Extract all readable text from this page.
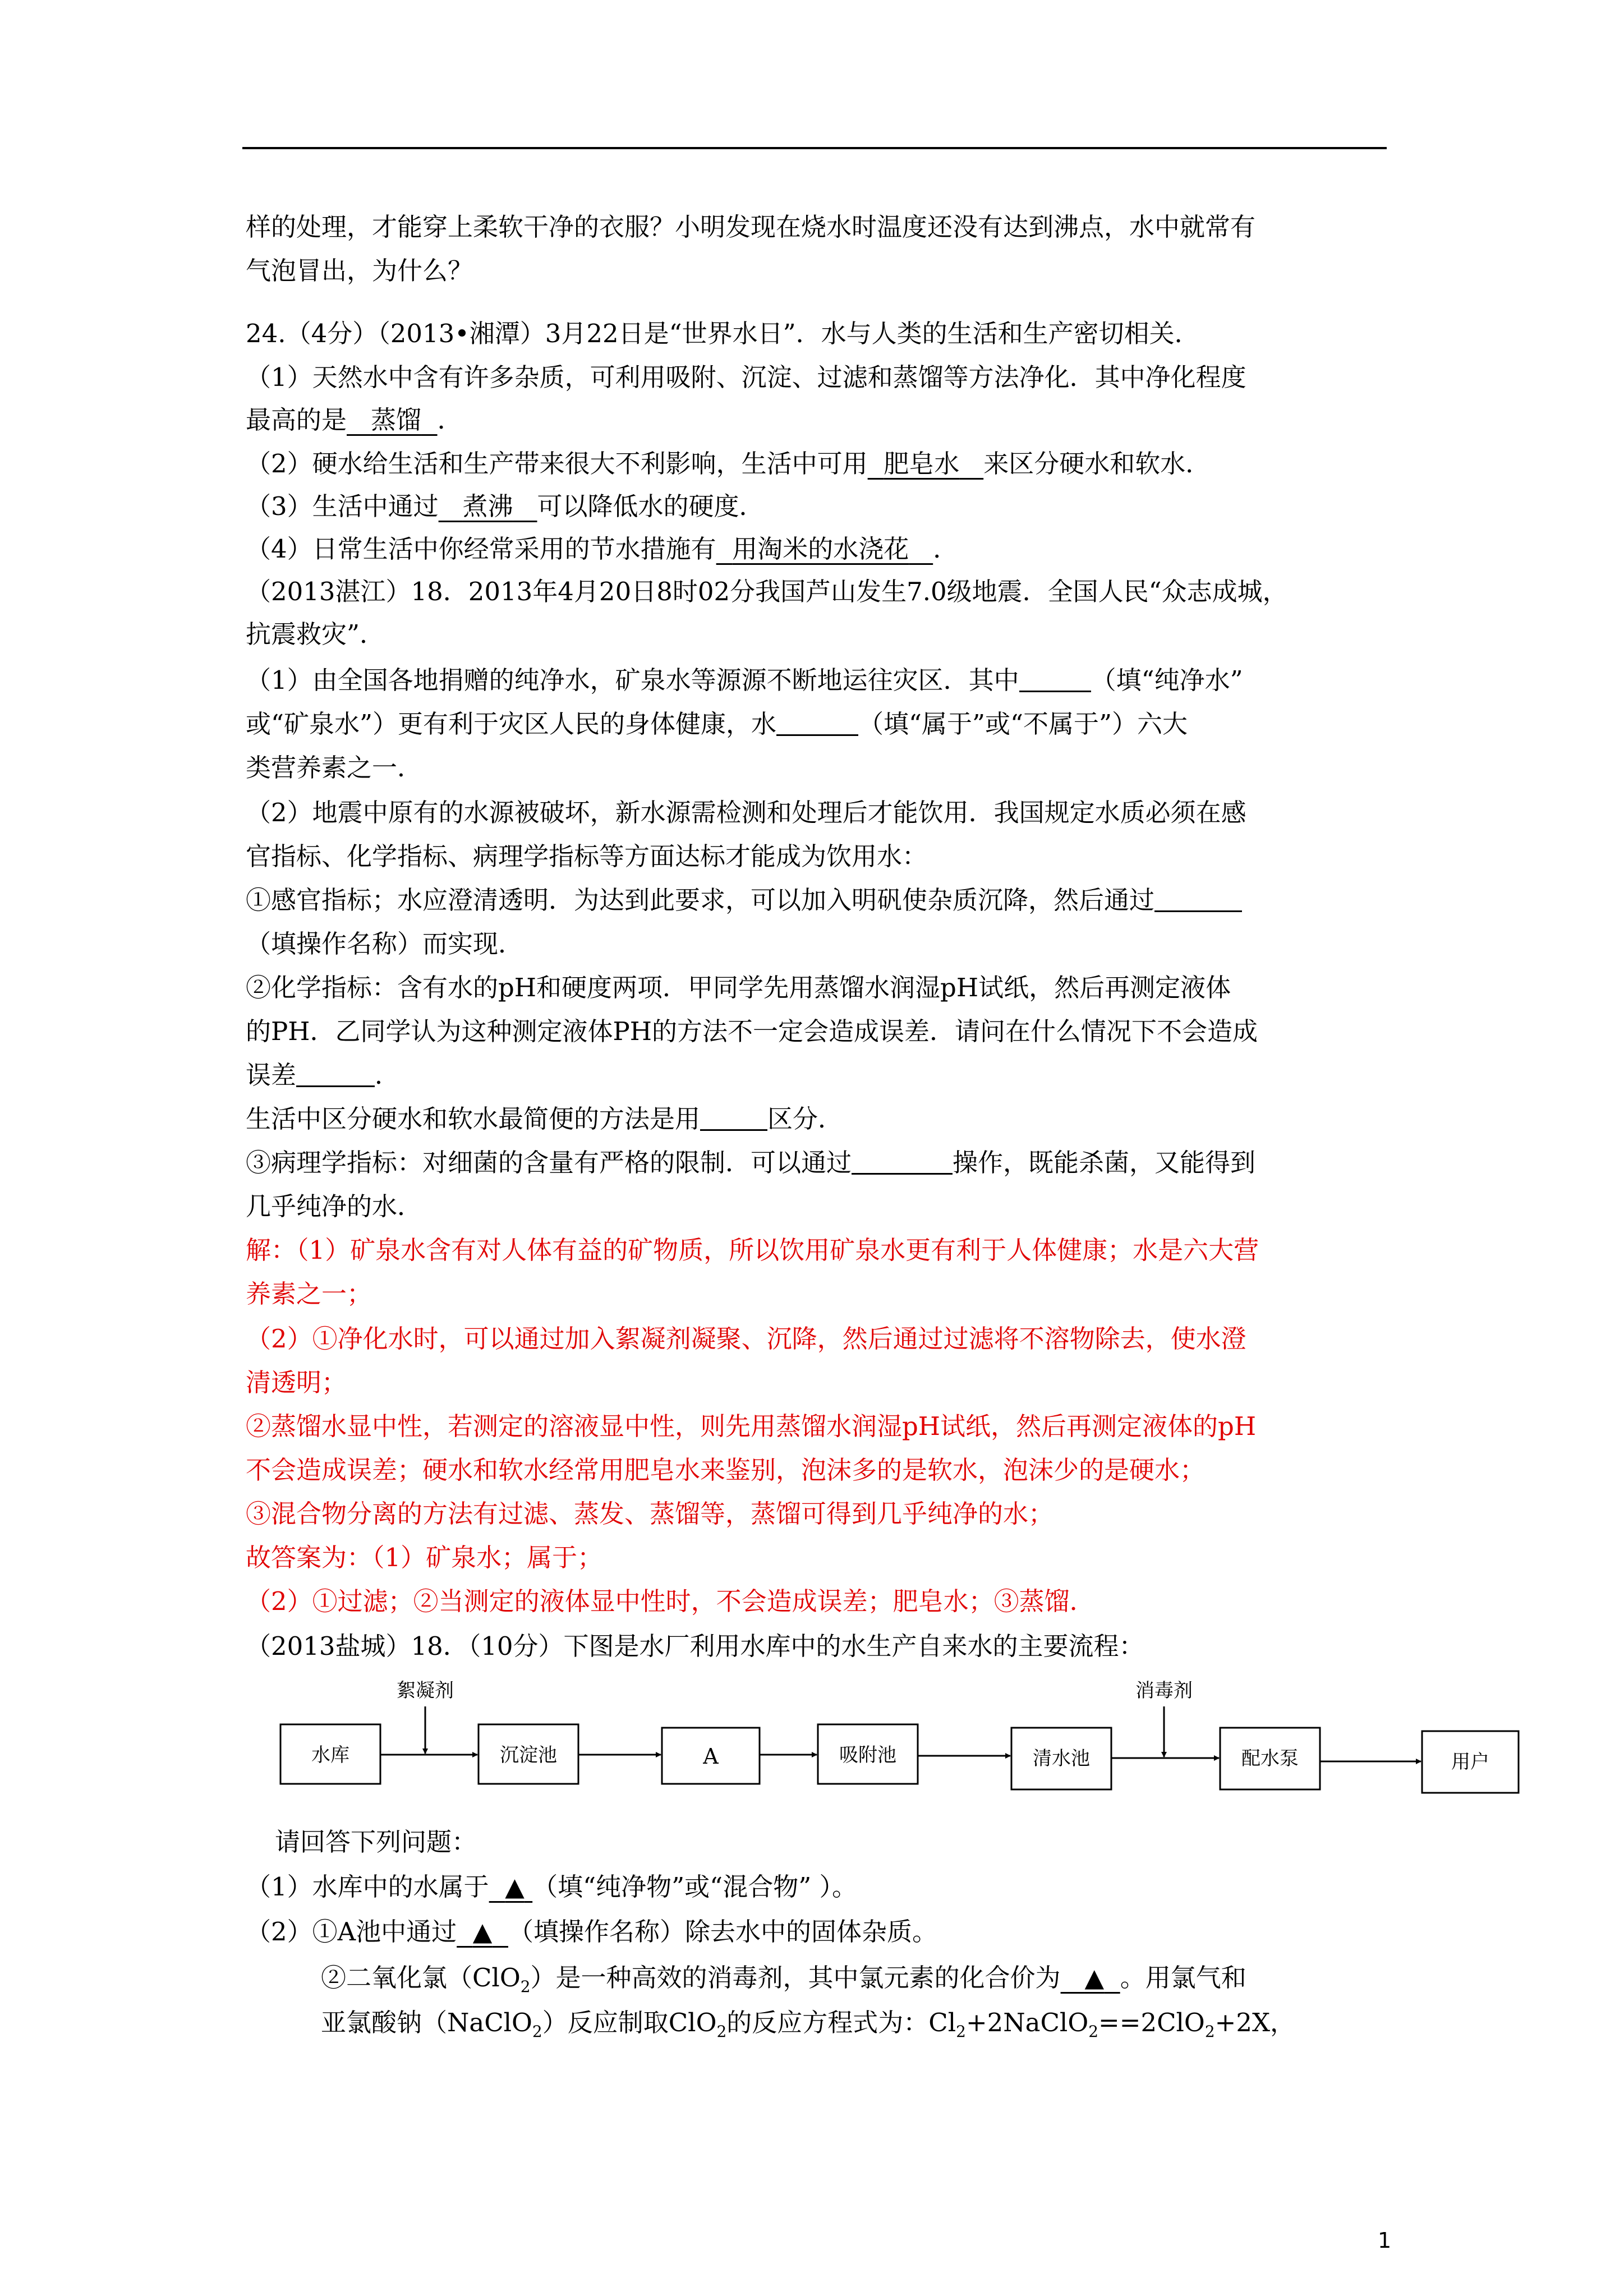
样的处理，才能穿上柔软干净的衣服？小明发现在烧水时温度还没有达到沸点，水中就常有
气泡冒出，为什么？
24.（4分）（2013•湘潭）3月22日是“世界水日”．水与人类的生活和生产密切相关．
（1）天然水中含有许多杂质，可利用吸附、沉淀、过滤和蒸馏等方法净化．其中净化程度
最高的是 蒸馏 ．
（2）硬水给生活和生产带来很大不利影响，生活中可用 肥皂水 来区分硬水和软水．
（3）生活中通过 煮沸 可以降低水的硬度．
（4）日常生活中你经常采用的节水措施有 用淘米的水浇花 ．
（2013湛江）18．2013年4月20日8时02分我国芦山发生7.0级地震．全国人民“众志成城，
抗震救灾”．
（1）由全国各地捐赠的纯净水，矿泉水等源源不断地运往灾区．其中	（填“纯净水”
或“矿泉水”）更有利于灾区人民的身体健康，水	（填“属于”或“不属于”）六大
类营养素之一．
（2）地震中原有的水源被破坏，新水源需检测和处理后才能饮用．我国规定水质必须在感
官指标、化学指标、病理学指标等方面达标才能成为饮用水：
①感官指标；水应澄清透明．为达到此要求，可以加入明矾使杂质沉降，然后通过
（填操作名称）而实现．
②化学指标：含有水的pH和硬度两项．甲同学先用蒸馏水润湿pH试纸，然后再测定液体
的PH．乙同学认为这种测定液体PH的方法不一定会造成误差．请问在什么情况下不会造成
误差	．
生活中区分硬水和软水最简便的方法是用	区分．
③病理学指标：对细菌的含量有严格的限制．可以通过	操作，既能杀菌，又能得到
几乎纯净的水．
解：（1）矿泉水含有对人体有益的矿物质，所以饮用矿泉水更有利于人体健康；水是六大营
养素之一；
（2）①净化水时，可以通过加入絮凝剂凝聚、沉降，然后通过过滤将不溶物除去，使水澄
清透明；
②蒸馏水显中性，若测定的溶液显中性，则先用蒸馏水润湿pH试纸，然后再测定液体的pH
不会造成误差；硬水和软水经常用肥皂水来鉴别，泡沫多的是软水，泡沫少的是硬水；
③混合物分离的方法有过滤、蒸发、蒸馏等，蒸馏可得到几乎纯净的水；
故答案为：（1）矿泉水；属于；
（2）①过滤；②当测定的液体显中性时，不会造成误差；肥皂水；③蒸馏．
（2013盐城）18．（10分）下图是水厂利用水库中的水生产自来水的主要流程：
水库	沉淀池	A	吸附池	清水池	配水泵	用户
絮凝剂	消毒剂
请回答下列问题：
（1）水库中的水属于 ▲ （填“纯净物”或“混合物” ）。
（2）①A池中通过 ▲ （填操作名称）除去水中的固体杂质。
②二氧化氯（ClO$_2$）是一种高效的消毒剂，其中氯元素的化合价为 ▲ 。用氯气和
亚氯酸钠（NaClO$_2$）反应制取ClO$_2$的反应方程式为：$Cl_2+2NaClO_2==2ClO_2+2X$，
1
